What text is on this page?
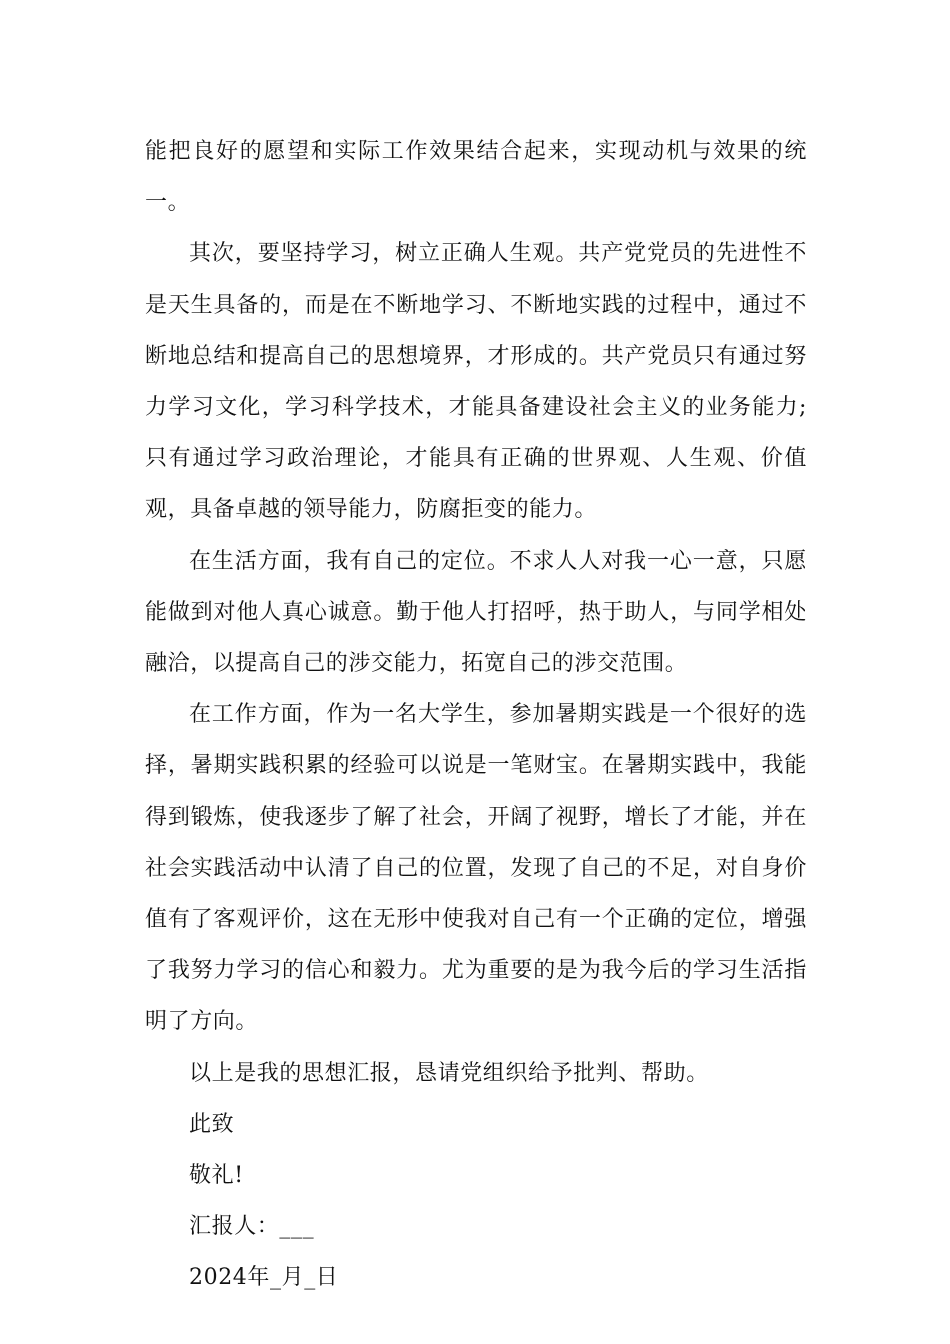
能把良好的愿望和实际工作效果结合起来，实现动机与效果的统一。

其次，要坚持学习，树立正确人生观。共产党党员的先进性不是天生具备的，而是在不断地学习、不断地实践的过程中，通过不断地总结和提高自己的思想境界，才形成的。共产党员只有通过努力学习文化，学习科学技术，才能具备建设社会主义的业务能力;只有通过学习政治理论，才能具有正确的世界观、人生观、价值观，具备卓越的领导能力，防腐拒变的能力。

在生活方面，我有自己的定位。不求人人对我一心一意，只愿能做到对他人真心诚意。勤于他人打招呼，热于助人，与同学相处融洽，以提高自己的涉交能力，拓宽自己的涉交范围。

在工作方面，作为一名大学生，参加暑期实践是一个很好的选择，暑期实践积累的经验可以说是一笔财宝。在暑期实践中，我能得到锻炼，使我逐步了解了社会，开阔了视野，增长了才能，并在社会实践活动中认清了自己的位置，发现了自己的不足，对自身价值有了客观评价，这在无形中使我对自己有一个正确的定位，增强了我努力学习的信心和毅力。尤为重要的是为我今后的学习生活指明了方向。

以上是我的思想汇报，恳请党组织给予批判、帮助。

此致

敬礼!

汇报人：___

2024年_月_日
